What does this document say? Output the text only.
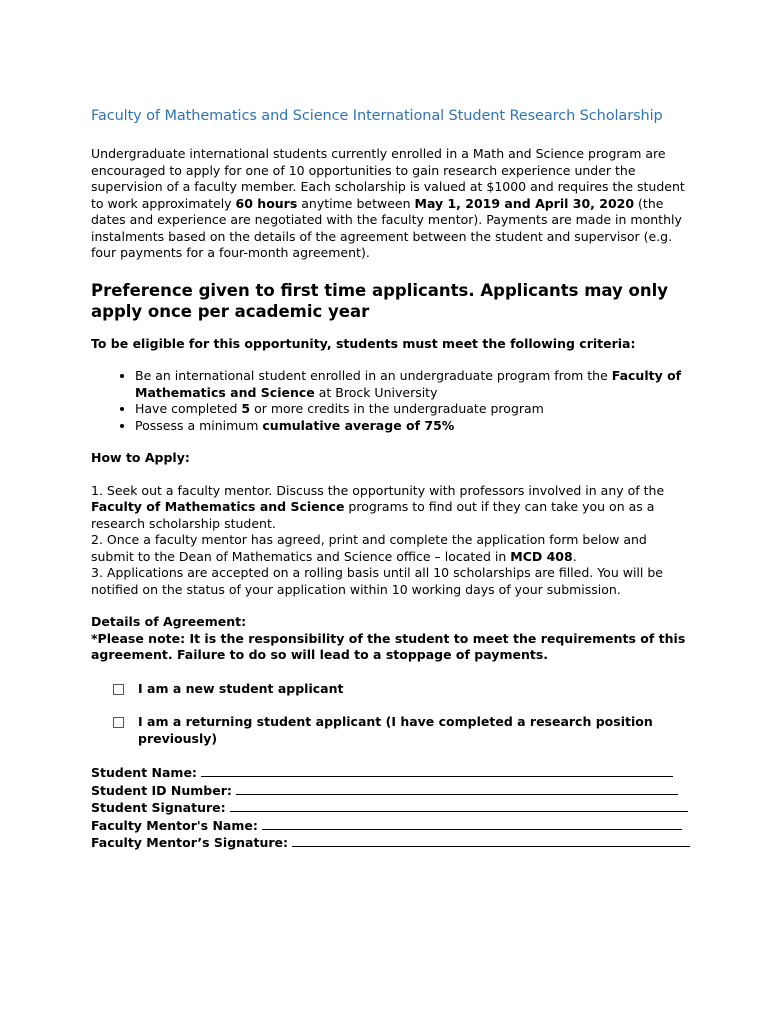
Faculty of Mathematics and Science International Student Research Scholarship

Undergraduate international students currently enrolled in a Math and Science program are encouraged to apply for one of 10 opportunities to gain research experience under the supervision of a faculty member. Each scholarship is valued at $1000 and requires the student to work approximately 60 hours anytime between May 1, 2019 and April 30, 2020 (the dates and experience are negotiated with the faculty mentor). Payments are made in monthly instalments based on the details of the agreement between the student and supervisor (e.g. four payments for a four-month agreement).

Preference given to first time applicants. Applicants may only apply once per academic year

To be eligible for this opportunity, students must meet the following criteria:

• Be an international student enrolled in an undergraduate program from the Faculty of Mathematics and Science at Brock University
• Have completed 5 or more credits in the undergraduate program
• Possess a minimum cumulative average of 75%

How to Apply:

1. Seek out a faculty mentor. Discuss the opportunity with professors involved in any of the Faculty of Mathematics and Science programs to find out if they can take you on as a research scholarship student.
2. Once a faculty mentor has agreed, print and complete the application form below and submit to the Dean of Mathematics and Science office – located in MCD 408.
3. Applications are accepted on a rolling basis until all 10 scholarships are filled. You will be notified on the status of your application within 10 working days of your submission.

Details of Agreement:
*Please note: It is the responsibility of the student to meet the requirements of this agreement. Failure to do so will lead to a stoppage of payments.

I am a new student applicant
I am a returning student applicant (I have completed a research position previously)
Student Name:
Student ID Number:
Student Signature:
Faculty Mentor's Name:
Faculty Mentor’s Signature:
